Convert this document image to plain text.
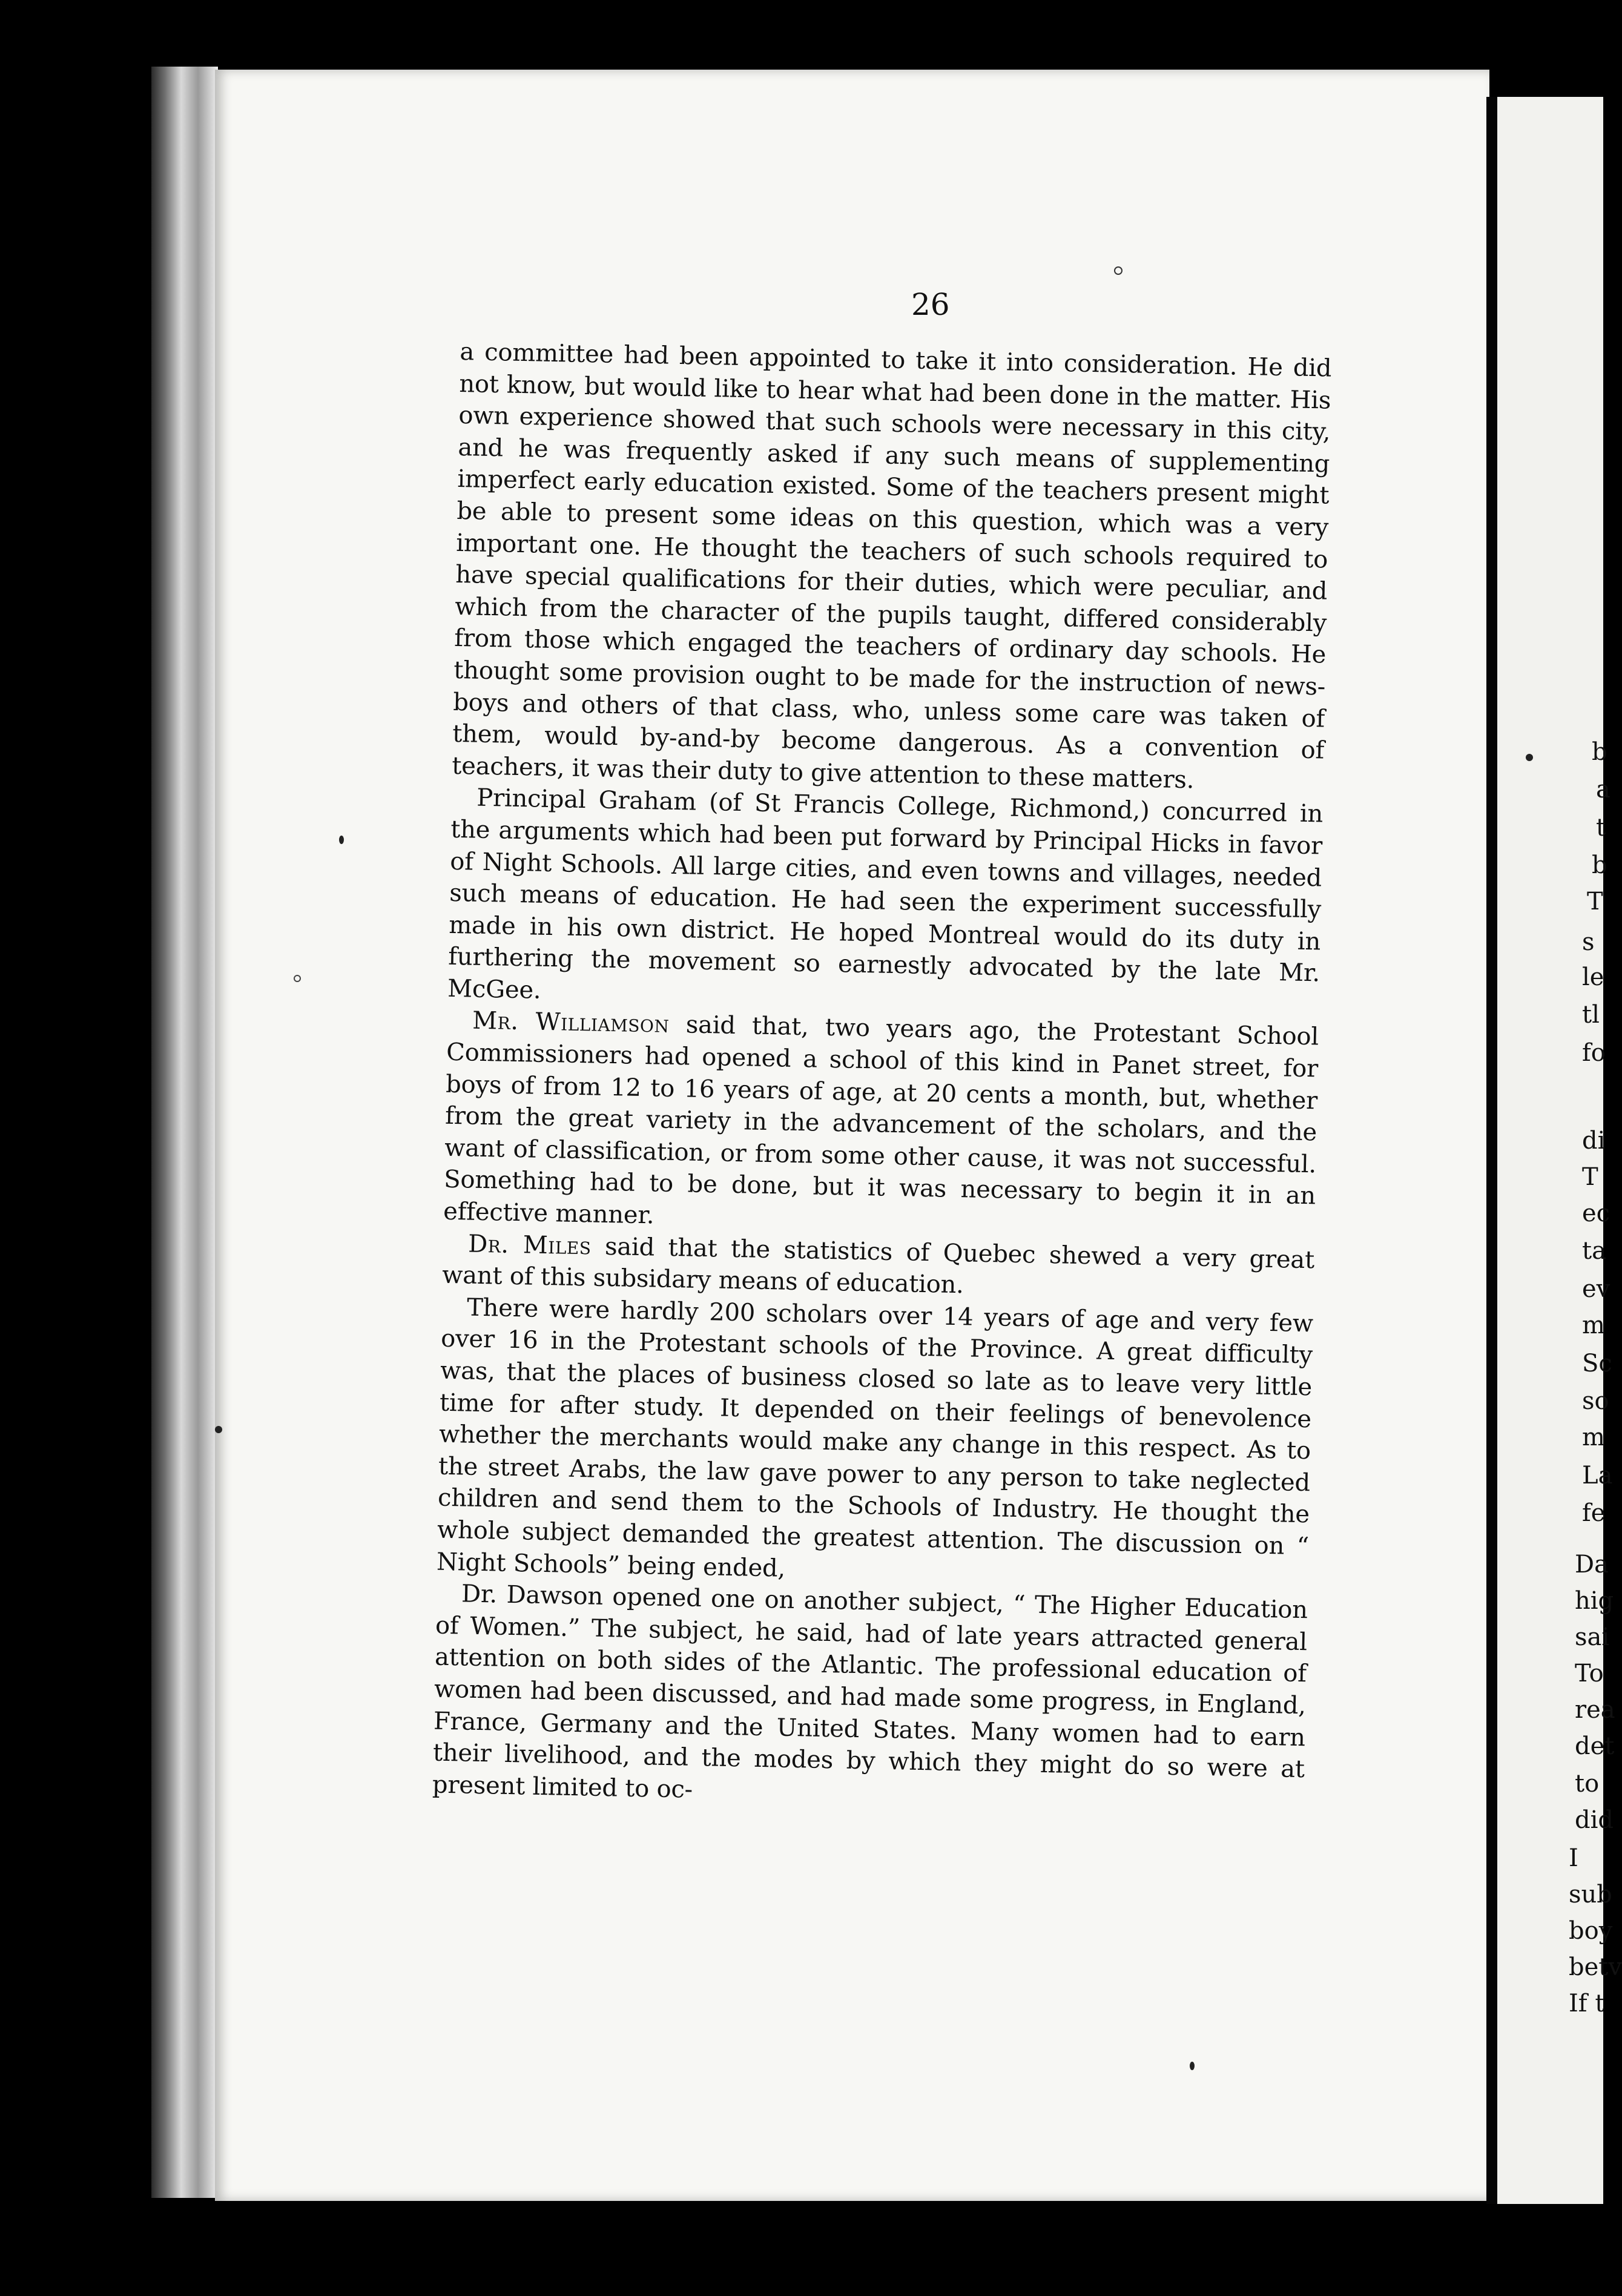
26

a committee had been appointed to take it into consideration. He did not know, but would like to hear what had been done in the matter. His own experience showed that such schools were necessary in this city, and he was frequently asked if any such means of supplementing imperfect early education existed. Some of the teachers present might be able to present some ideas on this question, which was a very important one. He thought the teachers of such schools required to have special qualifications for their duties, which were peculiar, and which from the character of the pupils taught, differed considerably from those which engaged the teachers of ordinary day schools. He thought some provision ought to be made for the instruction of news-boys and others of that class, who, unless some care was taken of them, would by-and-by become dangerous. As a convention of teachers, it was their duty to give attention to these matters.

Principal Graham (of St Francis College, Richmond,) concurred in the arguments which had been put forward by Principal Hicks in favor of Night Schools. All large cities, and even towns and villages, needed such means of education. He had seen the experiment successfully made in his own district. He hoped Montreal would do its duty in furthering the movement so earnestly advocated by the late Mr. McGee.

Mr. Williamson said that, two years ago, the Protestant School Commissioners had opened a school of this kind in Panet street, for boys of from 12 to 16 years of age, at 20 cents a month, but, whether from the great variety in the advancement of the scholars, and the want of classification, or from some other cause, it was not successful. Something had to be done, but it was necessary to begin it in an effective manner.

Dr. Miles said that the statistics of Quebec shewed a very great want of this subsidary means of education.

There were hardly 200 scholars over 14 years of age and very few over 16 in the Protestant schools of the Province. A great difficulty was, that the places of business closed so late as to leave very little time for after study. It depended on their feelings of benevolence whether the merchants would make any change in this respect. As to the street Arabs, the law gave power to any person to take neglected children and send them to the Schools of Industry. He thought the whole subject demanded the greatest attention. The discussion on “ Night Schools” being ended,

Dr. Dawson opened one on another subject, “ The Higher Education of Women.” The subject, he said, had of late years attracted general attention on both sides of the Atlantic. The professional education of women had been discussed, and had made some progress, in England, France, Germany and the United States. Many women had to earn their livelihood, and the modes by which they might do so were at present limited to oc-

b
a
t
b
T
s
le
tl
fo
di
T
ec
ta
ev
m
Sc
so
m
La
fe
Da
hig
sai
To
rea
det
to
did
I
sub
boy
betv
If t
